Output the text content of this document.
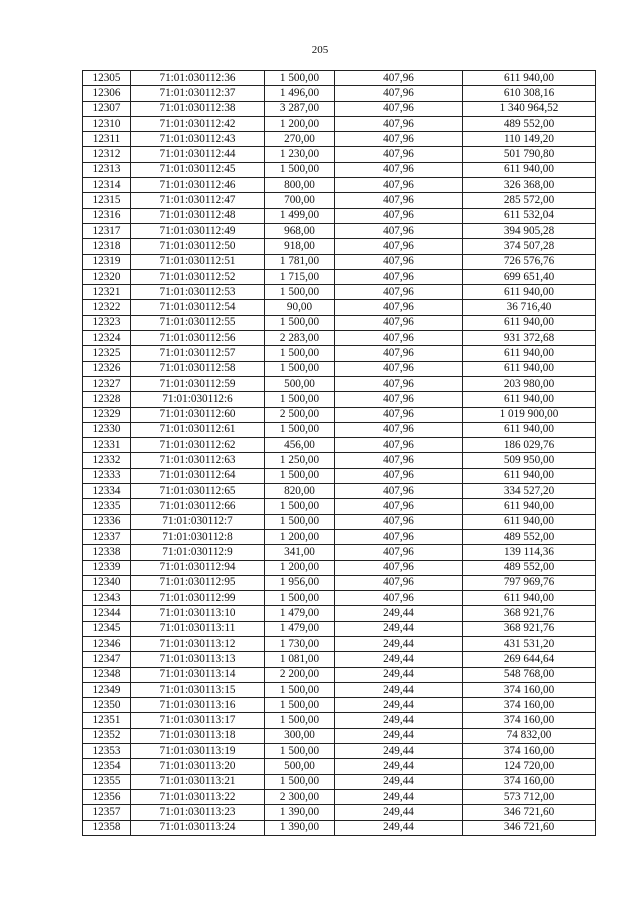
205
12305	71:01:030112:36	1 500,00	407,96	611 940,00
12306	71:01:030112:37	1 496,00	407,96	610 308,16
12307	71:01:030112:38	3 287,00	407,96	1 340 964,52
12310	71:01:030112:42	1 200,00	407,96	489 552,00
12311	71:01:030112:43	270,00	407,96	110 149,20
12312	71:01:030112:44	1 230,00	407,96	501 790,80
12313	71:01:030112:45	1 500,00	407,96	611 940,00
12314	71:01:030112:46	800,00	407,96	326 368,00
12315	71:01:030112:47	700,00	407,96	285 572,00
12316	71:01:030112:48	1 499,00	407,96	611 532,04
12317	71:01:030112:49	968,00	407,96	394 905,28
12318	71:01:030112:50	918,00	407,96	374 507,28
12319	71:01:030112:51	1 781,00	407,96	726 576,76
12320	71:01:030112:52	1 715,00	407,96	699 651,40
12321	71:01:030112:53	1 500,00	407,96	611 940,00
12322	71:01:030112:54	90,00	407,96	36 716,40
12323	71:01:030112:55	1 500,00	407,96	611 940,00
12324	71:01:030112:56	2 283,00	407,96	931 372,68
12325	71:01:030112:57	1 500,00	407,96	611 940,00
12326	71:01:030112:58	1 500,00	407,96	611 940,00
12327	71:01:030112:59	500,00	407,96	203 980,00
12328	71:01:030112:6	1 500,00	407,96	611 940,00
12329	71:01:030112:60	2 500,00	407,96	1 019 900,00
12330	71:01:030112:61	1 500,00	407,96	611 940,00
12331	71:01:030112:62	456,00	407,96	186 029,76
12332	71:01:030112:63	1 250,00	407,96	509 950,00
12333	71:01:030112:64	1 500,00	407,96	611 940,00
12334	71:01:030112:65	820,00	407,96	334 527,20
12335	71:01:030112:66	1 500,00	407,96	611 940,00
12336	71:01:030112:7	1 500,00	407,96	611 940,00
12337	71:01:030112:8	1 200,00	407,96	489 552,00
12338	71:01:030112:9	341,00	407,96	139 114,36
12339	71:01:030112:94	1 200,00	407,96	489 552,00
12340	71:01:030112:95	1 956,00	407,96	797 969,76
12343	71:01:030112:99	1 500,00	407,96	611 940,00
12344	71:01:030113:10	1 479,00	249,44	368 921,76
12345	71:01:030113:11	1 479,00	249,44	368 921,76
12346	71:01:030113:12	1 730,00	249,44	431 531,20
12347	71:01:030113:13	1 081,00	249,44	269 644,64
12348	71:01:030113:14	2 200,00	249,44	548 768,00
12349	71:01:030113:15	1 500,00	249,44	374 160,00
12350	71:01:030113:16	1 500,00	249,44	374 160,00
12351	71:01:030113:17	1 500,00	249,44	374 160,00
12352	71:01:030113:18	300,00	249,44	74 832,00
12353	71:01:030113:19	1 500,00	249,44	374 160,00
12354	71:01:030113:20	500,00	249,44	124 720,00
12355	71:01:030113:21	1 500,00	249,44	374 160,00
12356	71:01:030113:22	2 300,00	249,44	573 712,00
12357	71:01:030113:23	1 390,00	249,44	346 721,60
12358	71:01:030113:24	1 390,00	249,44	346 721,60
